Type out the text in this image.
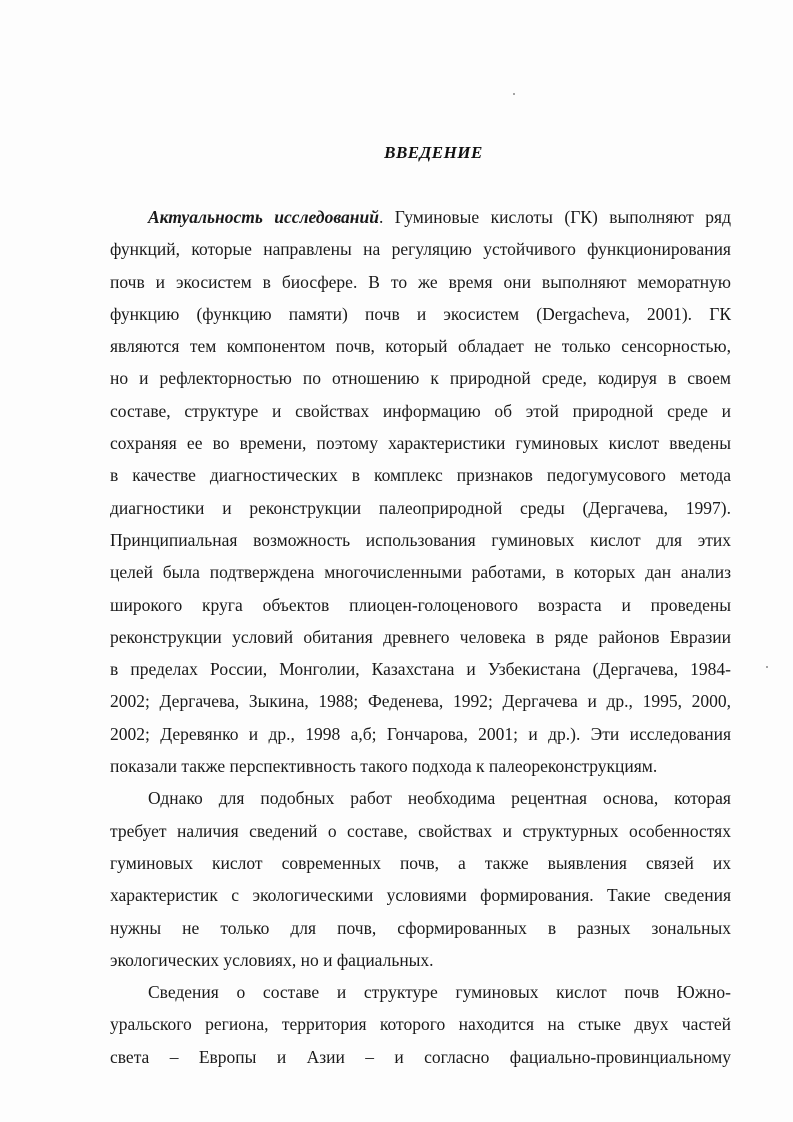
ВВЕДЕНИЕ
Актуальность исследований. Гуминовые кислоты (ГК) выполняют ряд
функций, которые направлены на регуляцию устойчивого функционирования
почв и экосистем в биосфере. В то же время они выполняют меморатную
функцию (функцию памяти) почв и экосистем (Dergacheva, 2001). ГК
являются тем компонентом почв, который обладает не только сенсорностью,
но и рефлекторностью по отношению к природной среде, кодируя в своем
составе, структуре и свойствах информацию об этой природной среде и
сохраняя ее во времени, поэтому характеристики гуминовых кислот введены
в качестве диагностических в комплекс признаков педогумусового метода
диагностики и реконструкции палеоприродной среды (Дергачева, 1997).
Принципиальная возможность использования гуминовых кислот для этих
целей была подтверждена многочисленными работами, в которых дан анализ
широкого круга объектов плиоцен-голоценового возраста и проведены
реконструкции условий обитания древнего человека в ряде районов Евразии
в пределах России, Монголии, Казахстана и Узбекистана (Дергачева, 1984-
2002; Дергачева, Зыкина, 1988; Феденева, 1992; Дергачева и др., 1995, 2000,
2002; Деревянко и др., 1998 а,б; Гончарова, 2001; и др.). Эти исследования
показали также перспективность такого подхода к палеореконструкциям.
Однако для подобных работ необходима рецентная основа, которая
требует наличия сведений о составе, свойствах и структурных особенностях
гуминовых кислот современных почв, а также выявления связей их
характеристик с экологическими условиями формирования. Такие сведения
нужны не только для почв, сформированных в разных зональных
экологических условиях, но и фациальных.
Сведения о составе и структуре гуминовых кислот почв Южно-
уральского региона, территория которого находится на стыке двух частей
света – Европы и Азии – и согласно фациально-провинциальному
